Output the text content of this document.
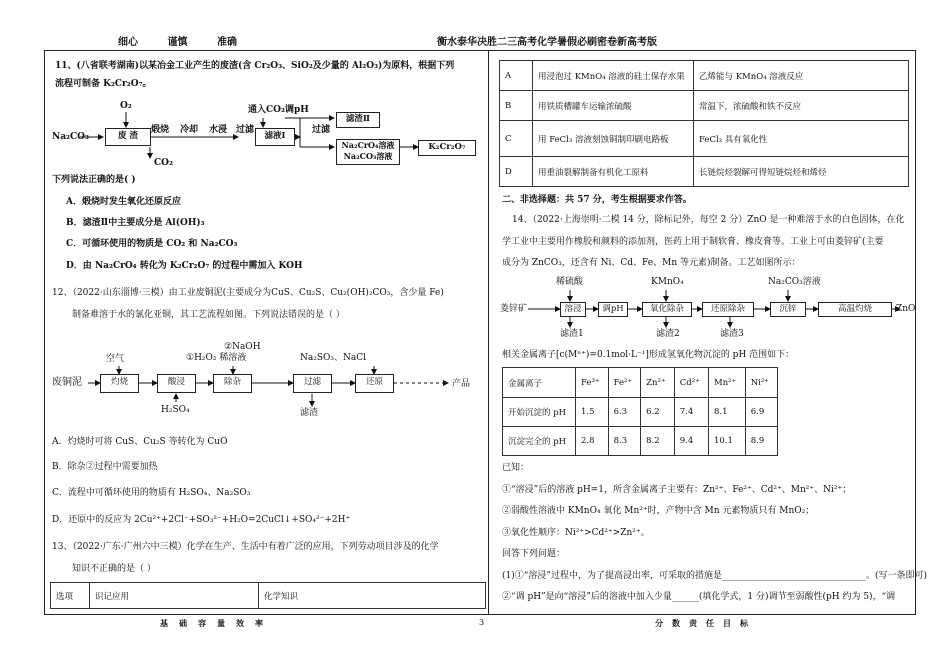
细心 谨慎 准确	衡水泰华决胜二三高考化学暑假必刷密卷新高考版
基础容量效率	3	分数责任目标
11、(八省联考湖南)以某冶金工业产生的废渣(含 Cr₂O₃、SiO₂及少量的 Al₂O₃)为原料，根据下列
流程可制备 K₂Cr₂O₇。
Na₂CO₃
O₂
废 渣
CO₂
煅烧 冷却 水浸 过滤
滤液Ⅰ
通入CO₂调pH
过滤
滤渣Ⅱ
Na₂CrO₄溶液
Na₂CO₃溶液
K₂Cr₂O₇
下列说法正确的是( )
A．煅烧时发生氧化还原反应
B．滤渣Ⅱ中主要成分是 Al(OH)₃
C．可循环使用的物质是 CO₂ 和 Na₂CO₃
D．由 Na₂CrO₄ 转化为 K₂Cr₂O₇ 的过程中需加入 KOH
12、（2022·山东淄博·三模）由工业废铜泥(主要成分为CuS、Cu₂S、Cu₂(OH)₂CO₃，含少量 Fe)
制备难溶于水的氯化亚铜，其工艺流程如图。下列说法错误的是（ ）
废铜泥
空气
灼烧	酸浸
H₂SO₄
②NaOH
①H₂O₂ 稀溶液
除杂	过滤
滤渣
Na₂SO₃、NaCl
还原	产品
A．灼烧时可将 CuS、Cu₂S 等转化为 CuO
B．除杂②过程中需要加热
C．流程中可循环使用的物质有 H₂SO₄、Na₂SO₃
D．还原中的反应为 2Cu²⁺+2Cl⁻+SO₃²⁻+H₂O=2CuCl↓+SO₄²⁻+2H⁺
13、（2022·广东·广州六中三模）化学在生产、生活中有着广泛的应用，下列劳动项目涉及的化学
知识不正确的是（ ）
选项	识记应用	化学知识
A	用浸泡过 KMnO₄ 溶液的硅土保存水果	乙烯能与 KMnO₄ 溶液反应
B	用铁质槽罐车运输浓硫酸	常温下，浓硫酸和铁不反应
C	用 FeCl₃ 溶液刻蚀铜制印刷电路板	FeCl₃ 具有氧化性
D	用重油裂解制备有机化工原料	长链烷烃裂解可得短链烷烃和烯烃
二、非选择题：共 57 分，考生根据要求作答。
14、（2022·上海崇明·二模 14 分，除标记外，每空 2 分）ZnO 是一种难溶于水的白色固体，在化
学工业中主要用作橡胶和颜料的添加剂，医药上用于制软膏、橡皮膏等。工业上可由菱锌矿(主要
成分为 ZnCO₃，还含有 Ni、Cd、Fe、Mn 等元素)制备。工艺如图所示：
菱锌矿
稀硫酸
溶浸
滤渣1
调pH
KMnO₄
氧化除杂
滤渣2
还原除杂
滤渣3
Na₂CO₃溶液
沉锌	高温灼烧	ZnO
相关金属离子[c(Mⁿ⁺)=0.1mol·L⁻¹]形成氢氧化物沉淀的 pH 范围如下：
金属离子	Fe³⁺	Fe²⁺	Zn²⁺	Cd²⁺	Mn²⁺	Ni²⁺
开始沉淀的 pH	1.5	6.3	6.2	7.4	8.1	6.9
沉淀完全的 pH	2.8	8.3	8.2	9.4	10.1	8.9
已知：
①“溶浸”后的溶液 pH=1，所含金属离子主要有：Zn²⁺、Fe²⁺、Cd²⁺、Mn²⁺、Ni²⁺；
②弱酸性溶液中 KMnO₄ 氧化 Mn²⁺时，产物中含 Mn 元素物质只有 MnO₂；
③氧化性顺序：Ni²⁺>Cd²⁺>Zn²⁺。
回答下列问题：
(1)①“溶浸”过程中，为了提高浸出率，可采取的措施是________________________________。(写一条即可)
②“调 pH”是向“溶浸”后的溶液中加入少量______(填化学式，1 分)调节至弱酸性(pH 约为 5)，“调
